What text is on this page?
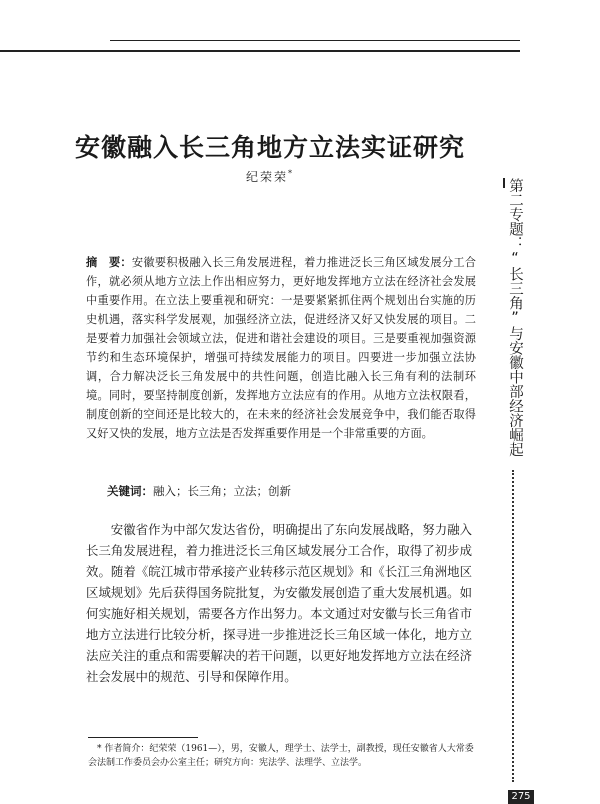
安徽融入长三角地方立法实证研究
纪荣荣*

摘　要：安徽要积极融入长三角发展进程，着力推进泛长三角区域发展分工合作，就必须从地方立法上作出相应努力，更好地发挥地方立法在经济社会发展中重要作用。在立法上要重视和研究：一是要紧紧抓住两个规划出台实施的历史机遇，落实科学发展观，加强经济立法，促进经济又好又快发展的项目。二是要着力加强社会领域立法，促进和谐社会建设的项目。三是要重视加强资源节约和生态环境保护，增强可持续发展能力的项目。四要进一步加强立法协调，合力解决泛长三角发展中的共性问题，创造比融入长三角有利的法制环境。同时，要坚持制度创新，发挥地方立法应有的作用。从地方立法权限看，制度创新的空间还是比较大的，在未来的经济社会发展竞争中，我们能否取得又好又快的发展，地方立法是否发挥重要作用是一个非常重要的方面。

关键词：融入；长三角；立法；创新

安徽省作为中部欠发达省份，明确提出了东向发展战略，努力融入长三角发展进程，着力推进泛长三角区域发展分工合作，取得了初步成效。随着《皖江城市带承接产业转移示范区规划》和《长江三角洲地区区域规划》先后获得国务院批复，为安徽发展创造了重大发展机遇。如何实施好相关规划，需要各方作出努力。本文通过对安徽与长三角省市地方立法进行比较分析，探寻进一步推进泛长三角区域一体化，地方立法应关注的重点和需要解决的若干问题，以更好地发挥地方立法在经济社会发展中的规范、引导和保障作用。

* 作者简介：纪荣荣（1961—），男，安徽人，理学士、法学士，副教授，现任安徽省人大常委会法制工作委员会办公室主任；研究方向：宪法学、法理学、立法学。

第二专题：“长三角”与安徽中部经济崛起

275
